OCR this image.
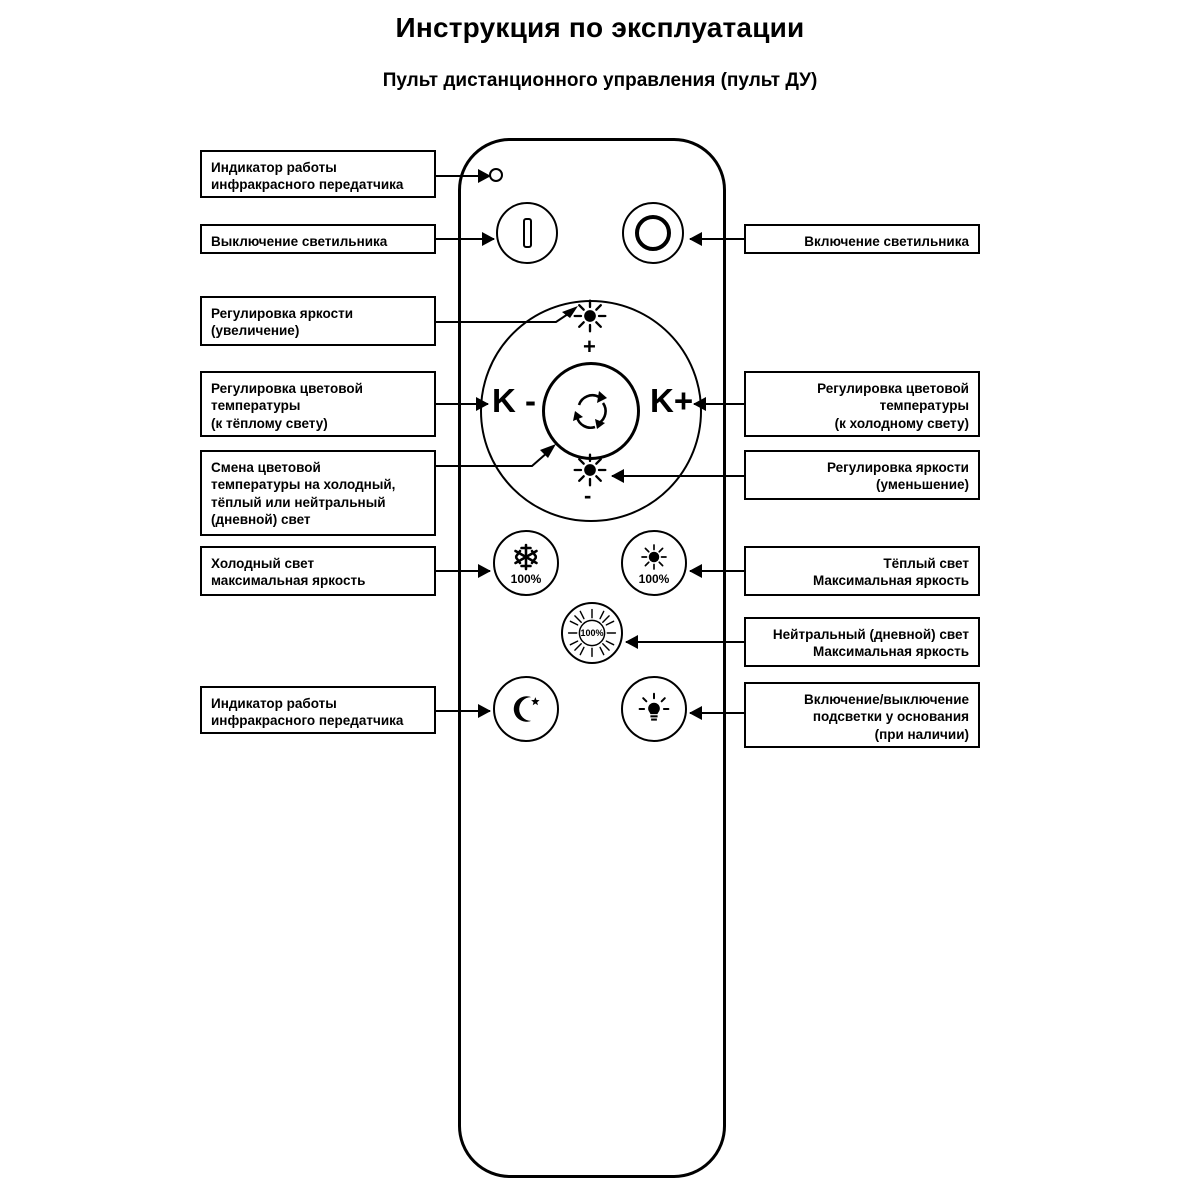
Инструкция по эксплуатации
Пульт дистанционного управления (пульт ДУ)
K -	K+
+
-
100%	100%
100%
Индикатор работы
инфракрасного передатчика
Выключение светильника
Регулировка яркости
(увеличение)
Регулировка цветовой
температуры
(к тёплому свету)
Смена цветовой
температуры на холодный,
тёплый или нейтральный
(дневной) свет
Холодный свет
максимальная яркость
Индикатор работы
инфракрасного передатчика
Включение светильника
Регулировка цветовой
температуры
(к холодному свету)
Регулировка яркости
(уменьшение)
Тёплый свет
Максимальная яркость
Нейтральный (дневной) свет
Максимальная яркость
Включение/выключение
подсветки у основания
(при наличии)
